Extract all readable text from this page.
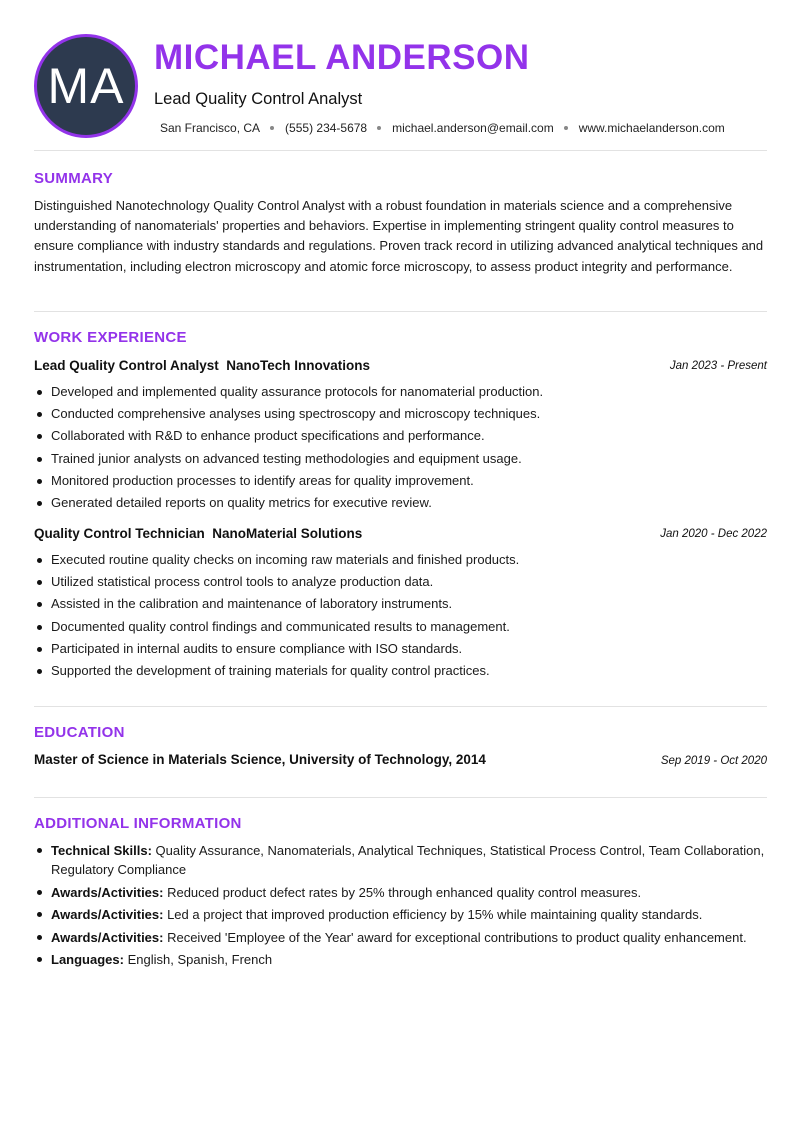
MA
MICHAEL ANDERSON
Lead Quality Control Analyst
San Francisco, CA (555) 234-5678 michael.anderson@email.com www.michaelanderson.com
SUMMARY
Distinguished Nanotechnology Quality Control Analyst with a robust foundation in materials science and a comprehensive understanding of nanomaterials' properties and behaviors. Expertise in implementing stringent quality control measures to ensure compliance with industry standards and regulations. Proven track record in utilizing advanced analytical techniques and instrumentation, including electron microscopy and atomic force microscopy, to assess product integrity and performance.
WORK EXPERIENCE
Lead Quality Control Analyst  NanoTech Innovations	Jan 2023 - Present
Developed and implemented quality assurance protocols for nanomaterial production.
Conducted comprehensive analyses using spectroscopy and microscopy techniques.
Collaborated with R&D to enhance product specifications and performance.
Trained junior analysts on advanced testing methodologies and equipment usage.
Monitored production processes to identify areas for quality improvement.
Generated detailed reports on quality metrics for executive review.
Quality Control Technician  NanoMaterial Solutions	Jan 2020 - Dec 2022
Executed routine quality checks on incoming raw materials and finished products.
Utilized statistical process control tools to analyze production data.
Assisted in the calibration and maintenance of laboratory instruments.
Documented quality control findings and communicated results to management.
Participated in internal audits to ensure compliance with ISO standards.
Supported the development of training materials for quality control practices.
EDUCATION
Master of Science in Materials Science, University of Technology, 2014	Sep 2019 - Oct 2020
ADDITIONAL INFORMATION
Technical Skills: Quality Assurance, Nanomaterials, Analytical Techniques, Statistical Process Control, Team Collaboration, Regulatory Compliance
Awards/Activities: Reduced product defect rates by 25% through enhanced quality control measures.
Awards/Activities: Led a project that improved production efficiency by 15% while maintaining quality standards.
Awards/Activities: Received 'Employee of the Year' award for exceptional contributions to product quality enhancement.
Languages: English, Spanish, French
